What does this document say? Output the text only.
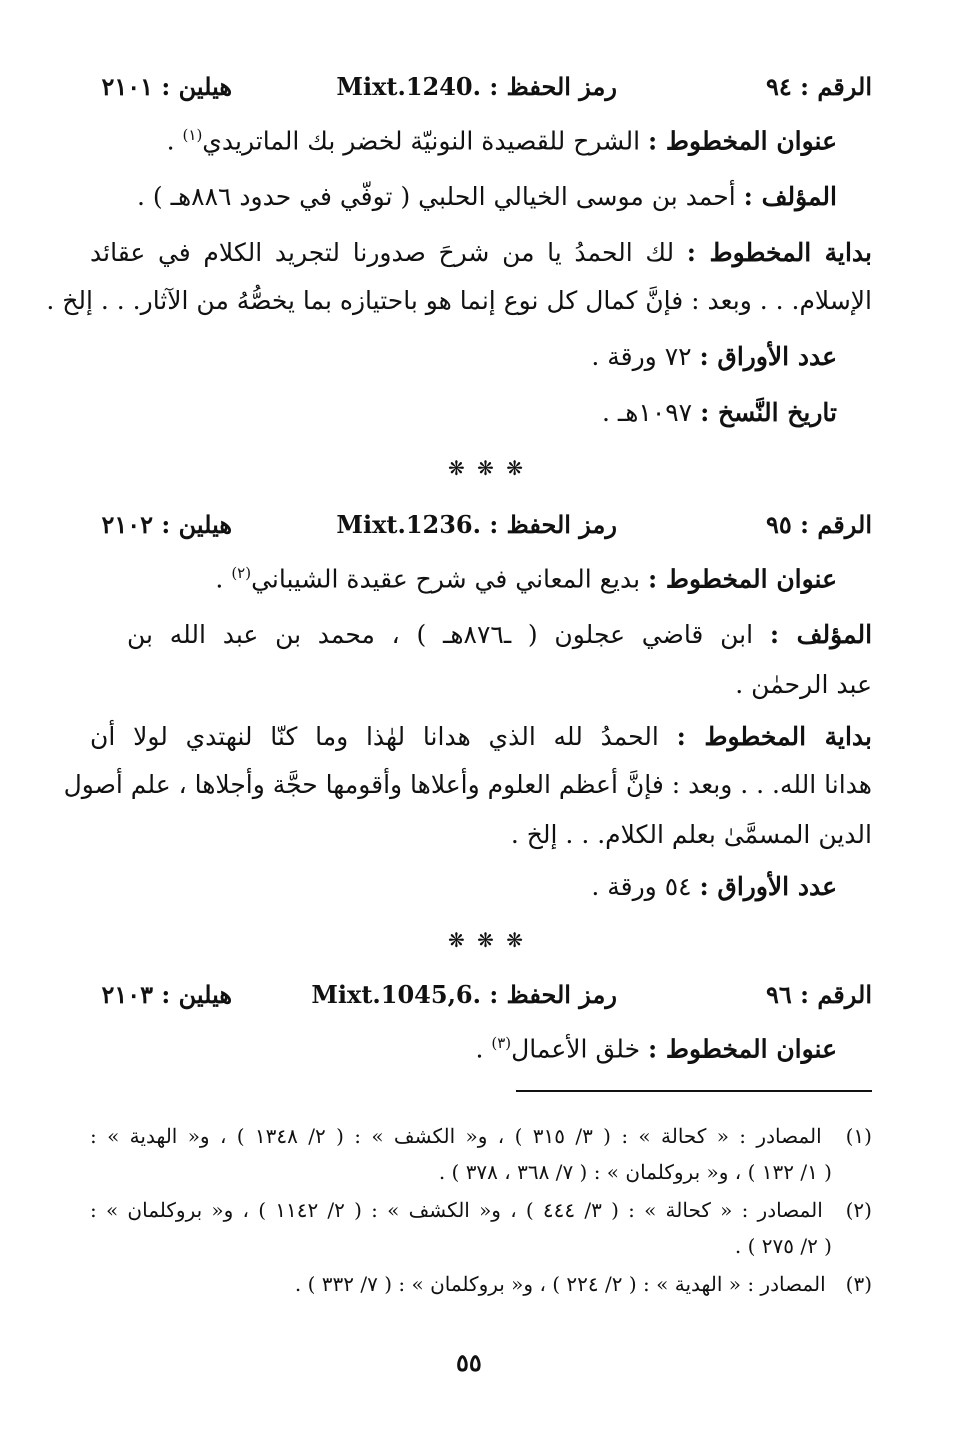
الرقم : ٩٤
رمز الحفظ : Mixt.1240.
هيلين : ٢١٠١
عنوان المخطوط : الشرح للقصيدة النونيّة لخضر بك الماتريدي$^{(١)}$ .
المؤلف : أحمد بن موسى الخيالي الحلبي ( توفّي في حدود ٨٨٦هـ ) .
بداية المخطوط : لك الحمدُ يا من شرحَ صدورنا لتجريد الكلام في عقائد
الإسلام. . . وبعد : فإنَّ كمال كل نوع إنما هو باحتيازه بما يخصُّهُ من الآثار. . . إلخ .
عدد الأوراق : ٧٢ ورقة .
تاريخ النَّسخ : ١٠٩٧هـ .
❋ ❋ ❋
الرقم : ٩٥
رمز الحفظ : Mixt.1236.
هيلين : ٢١٠٢
عنوان المخطوط : بديع المعاني في شرح عقيدة الشيباني$^{(٢)}$ .
المؤلف : ابن قاضي عجلون ( ـ٨٧٦هـ ) ، محمد بن عبد الله بن
عبد الرحمٰن .
بداية المخطوط : الحمدُ لله الذي هدانا لهٰذا وما كنّا لنهتدي لولا أن
هدانا الله. . . وبعد : فإنَّ أعظم العلوم وأعلاها وأقومها حجَّة وأجلاها ، علم أصول
الدين المسمَّىٰ بعلم الكلام. . . إلخ .
عدد الأوراق : ٥٤ ورقة .
❋ ❋ ❋
الرقم : ٩٦
رمز الحفظ : Mixt.1045,6.
هيلين : ٢١٠٣
عنوان المخطوط : خلق الأعمال$^{(٣)}$ .
(١) المصادر : « كحالة » : ( ٣/ ٣١٥ ) ، و« الكشف » : ( ٢/ ١٣٤٨ ) ، و« الهدية » :
( ١/ ١٣٢ ) ، و« بروكلمان » : ( ٧/ ٣٦٨ ، ٣٧٨ ) .
(٢) المصادر : « كحالة » : ( ٣/ ٤٤٤ ) ، و« الكشف » : ( ٢/ ١١٤٢ ) ، و« بروكلمان » :
( ٢/ ٢٧٥ ) .
(٣) المصادر : « الهدية » : ( ٢/ ٢٢٤ ) ، و« بروكلمان » : ( ٧/ ٣٣٢ ) .
٥٥
